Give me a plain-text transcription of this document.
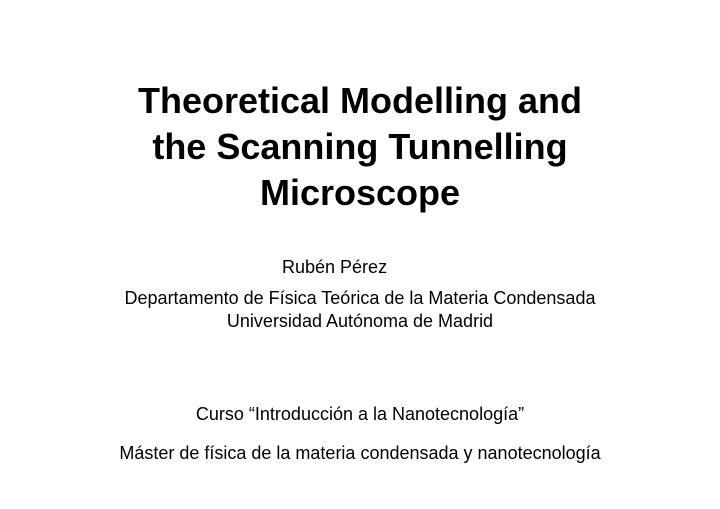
Theoretical Modelling and
the Scanning Tunnelling
Microscope

Rubén Pérez

Departamento de Física Teórica de la Materia Condensada

Universidad Autónoma de Madrid

Curso “Introducción a la Nanotecnología”

Máster de física de la materia condensada y nanotecnología
